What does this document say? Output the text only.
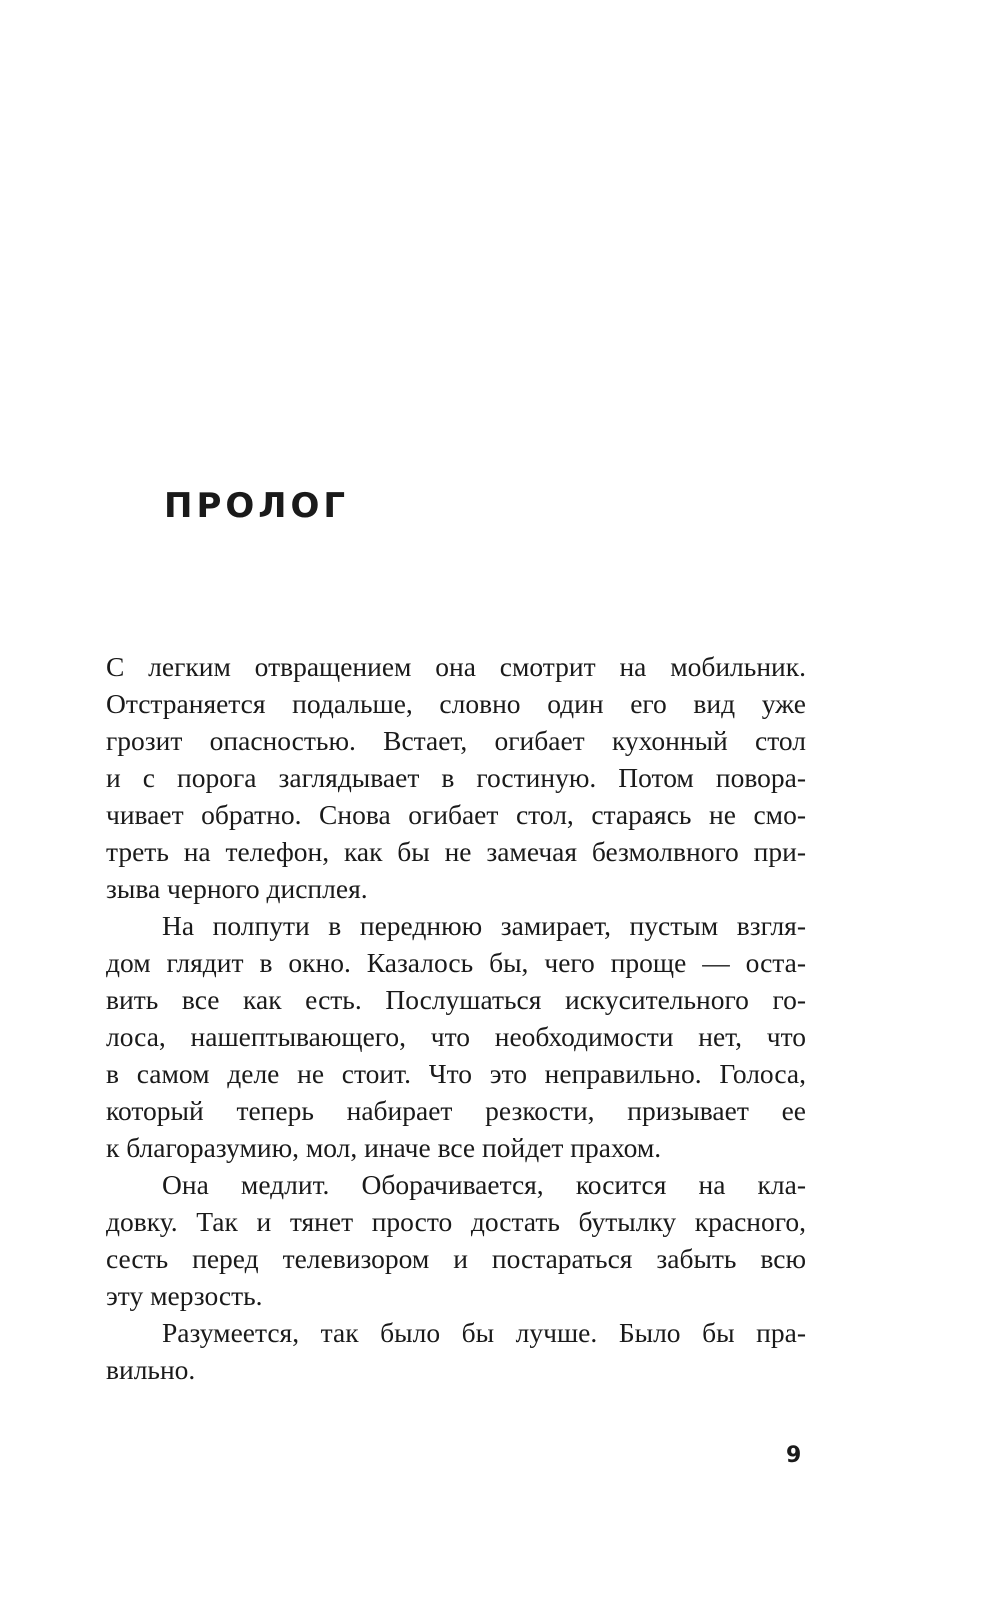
ПРОЛОГ
С легким отвращением она смотрит на мобильник.
Отстраняется подальше, словно один его вид уже
грозит опасностью. Встает, огибает кухонный стол
и с порога заглядывает в гостиную. Потом повора-
чивает обратно. Снова огибает стол, стараясь не смо-
треть на телефон, как бы не замечая безмолвного при-
зыва черного дисплея.
На полпути в переднюю замирает, пустым взгля-
дом глядит в окно. Казалось бы, чего проще — оста-
вить все как есть. Послушаться искусительного го-
лоса, нашептывающего, что необходимости нет, что
в самом деле не стоит. Что это неправильно. Голоса,
который теперь набирает резкости, призывает ее
к благоразумию, мол, иначе все пойдет прахом.
Она медлит. Оборачивается, косится на кла-
довку. Так и тянет просто достать бутылку красного,
сесть перед телевизором и постараться забыть всю
эту мерзость.
Разумеется, так было бы лучше. Было бы пра-
вильно.

9
